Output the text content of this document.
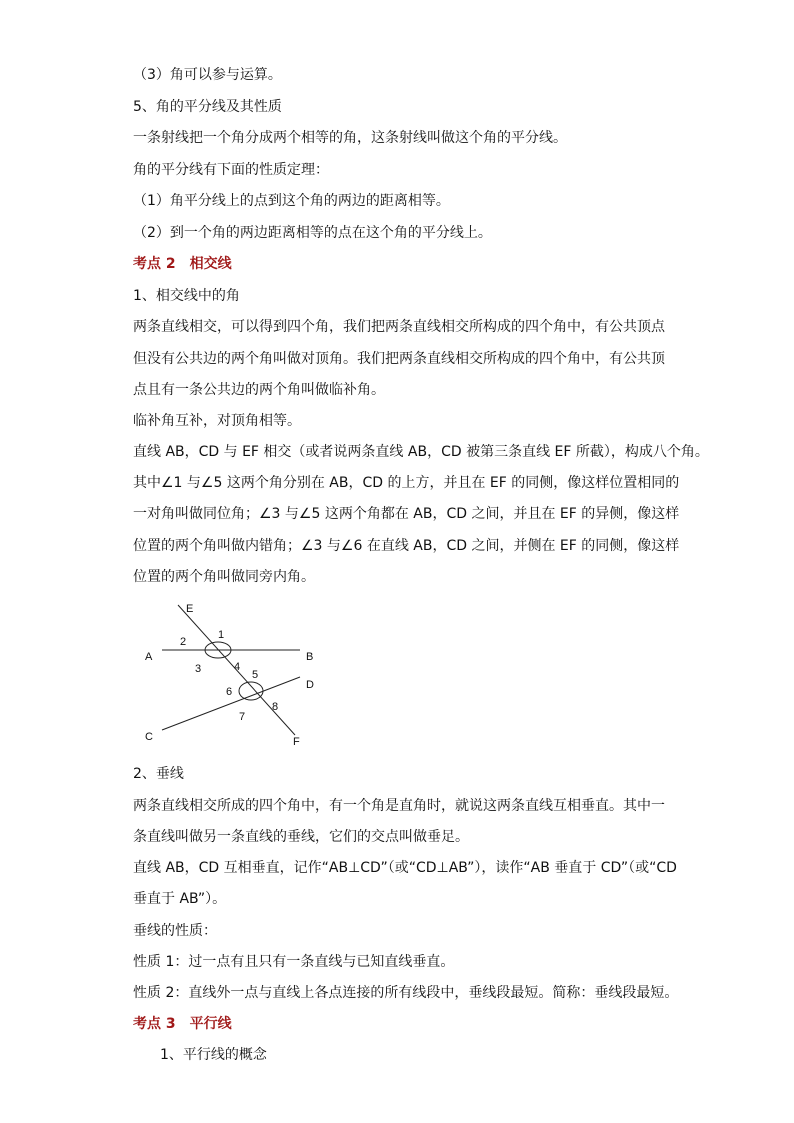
（3）角可以参与运算。
5、角的平分线及其性质
一条射线把一个角分成两个相等的角，这条射线叫做这个角的平分线。
角的平分线有下面的性质定理：
（1）角平分线上的点到这个角的两边的距离相等。
（2）到一个角的两边距离相等的点在这个角的平分线上。
考点 2　相交线
1、相交线中的角
两条直线相交，可以得到四个角，我们把两条直线相交所构成的四个角中，有公共顶点
但没有公共边的两个角叫做对顶角。我们把两条直线相交所构成的四个角中，有公共顶
点且有一条公共边的两个角叫做临补角。
临补角互补，对顶角相等。
直线 AB，CD 与 EF 相交（或者说两条直线 AB，CD 被第三条直线 EF 所截），构成八个角。
其中∠1 与∠5 这两个角分别在 AB，CD 的上方，并且在 EF 的同侧，像这样位置相同的
一对角叫做同位角；∠3 与∠5 这两个角都在 AB，CD 之间，并且在 EF 的异侧，像这样
位置的两个角叫做内错角；∠3 与∠6 在直线 AB，CD 之间，并侧在 EF 的同侧，像这样
位置的两个角叫做同旁内角。
E
A	B
D
C	F
1
2
3	4
5
6
7
8
2、垂线
两条直线相交所成的四个角中，有一个角是直角时，就说这两条直线互相垂直。其中一
条直线叫做另一条直线的垂线，它们的交点叫做垂足。
直线 AB，CD 互相垂直，记作“AB⊥CD”（或“CD⊥AB”），读作“AB 垂直于 CD”（或“CD
垂直于 AB”）。
垂线的性质：
性质 1：过一点有且只有一条直线与已知直线垂直。
性质 2：直线外一点与直线上各点连接的所有线段中，垂线段最短。简称：垂线段最短。
考点 3　平行线
1、平行线的概念
